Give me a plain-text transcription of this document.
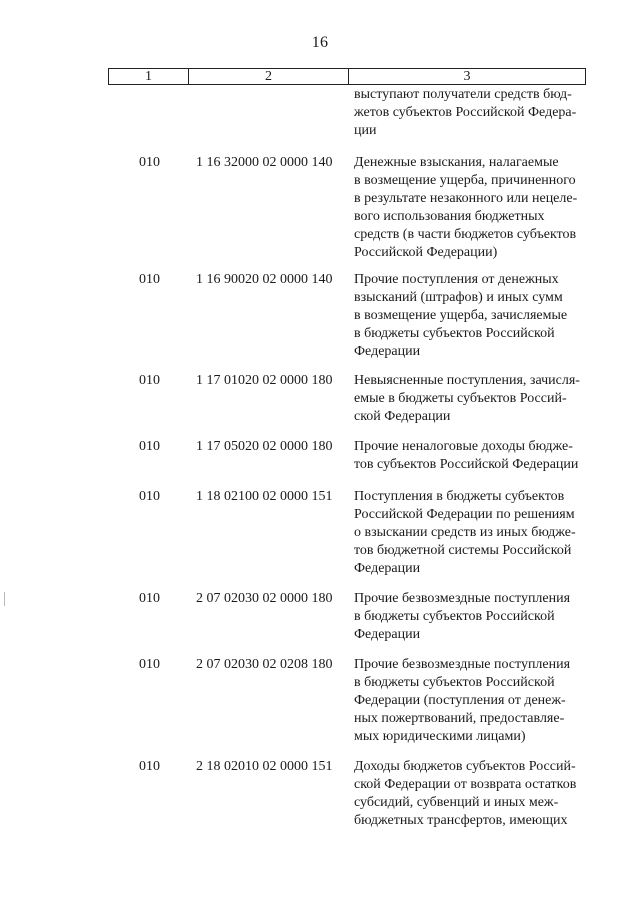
16
1	2	3
выступают получатели средств бюд-
жетов субъектов Российской Федера-
ции
010	1 16 32000 02 0000 140 Денежные взыскания, налагаемые
в возмещение ущерба, причиненного
в результате незаконного или нецеле-
вого использования бюджетных
средств (в части бюджетов субъектов
Российской Федерации)
010	1 16 90020 02 0000 140 Прочие поступления от денежных
взысканий (штрафов) и иных сумм
в возмещение ущерба, зачисляемые
в бюджеты субъектов Российской
Федерации
010	1 17 01020 02 0000 180 Невыясненные поступления, зачисля-
емые в бюджеты субъектов Россий-
ской Федерации
010	1 17 05020 02 0000 180 Прочие неналоговые доходы бюдже-
тов субъектов Российской Федерации
010	1 18 02100 02 0000 151 Поступления в бюджеты субъектов
Российской Федерации по решениям
о взыскании средств из иных бюдже-
тов бюджетной системы Российской
Федерации
010	2 07 02030 02 0000 180 Прочие безвозмездные поступления
в бюджеты субъектов Российской
Федерации
010	2 07 02030 02 0208 180 Прочие безвозмездные поступления
в бюджеты субъектов Российской
Федерации (поступления от денеж-
ных пожертвований, предоставляе-
мых юридическими лицами)
010	2 18 02010 02 0000 151 Доходы бюджетов субъектов Россий-
ской Федерации от возврата остатков
субсидий, субвенций и иных меж-
бюджетных трансфертов, имеющих
